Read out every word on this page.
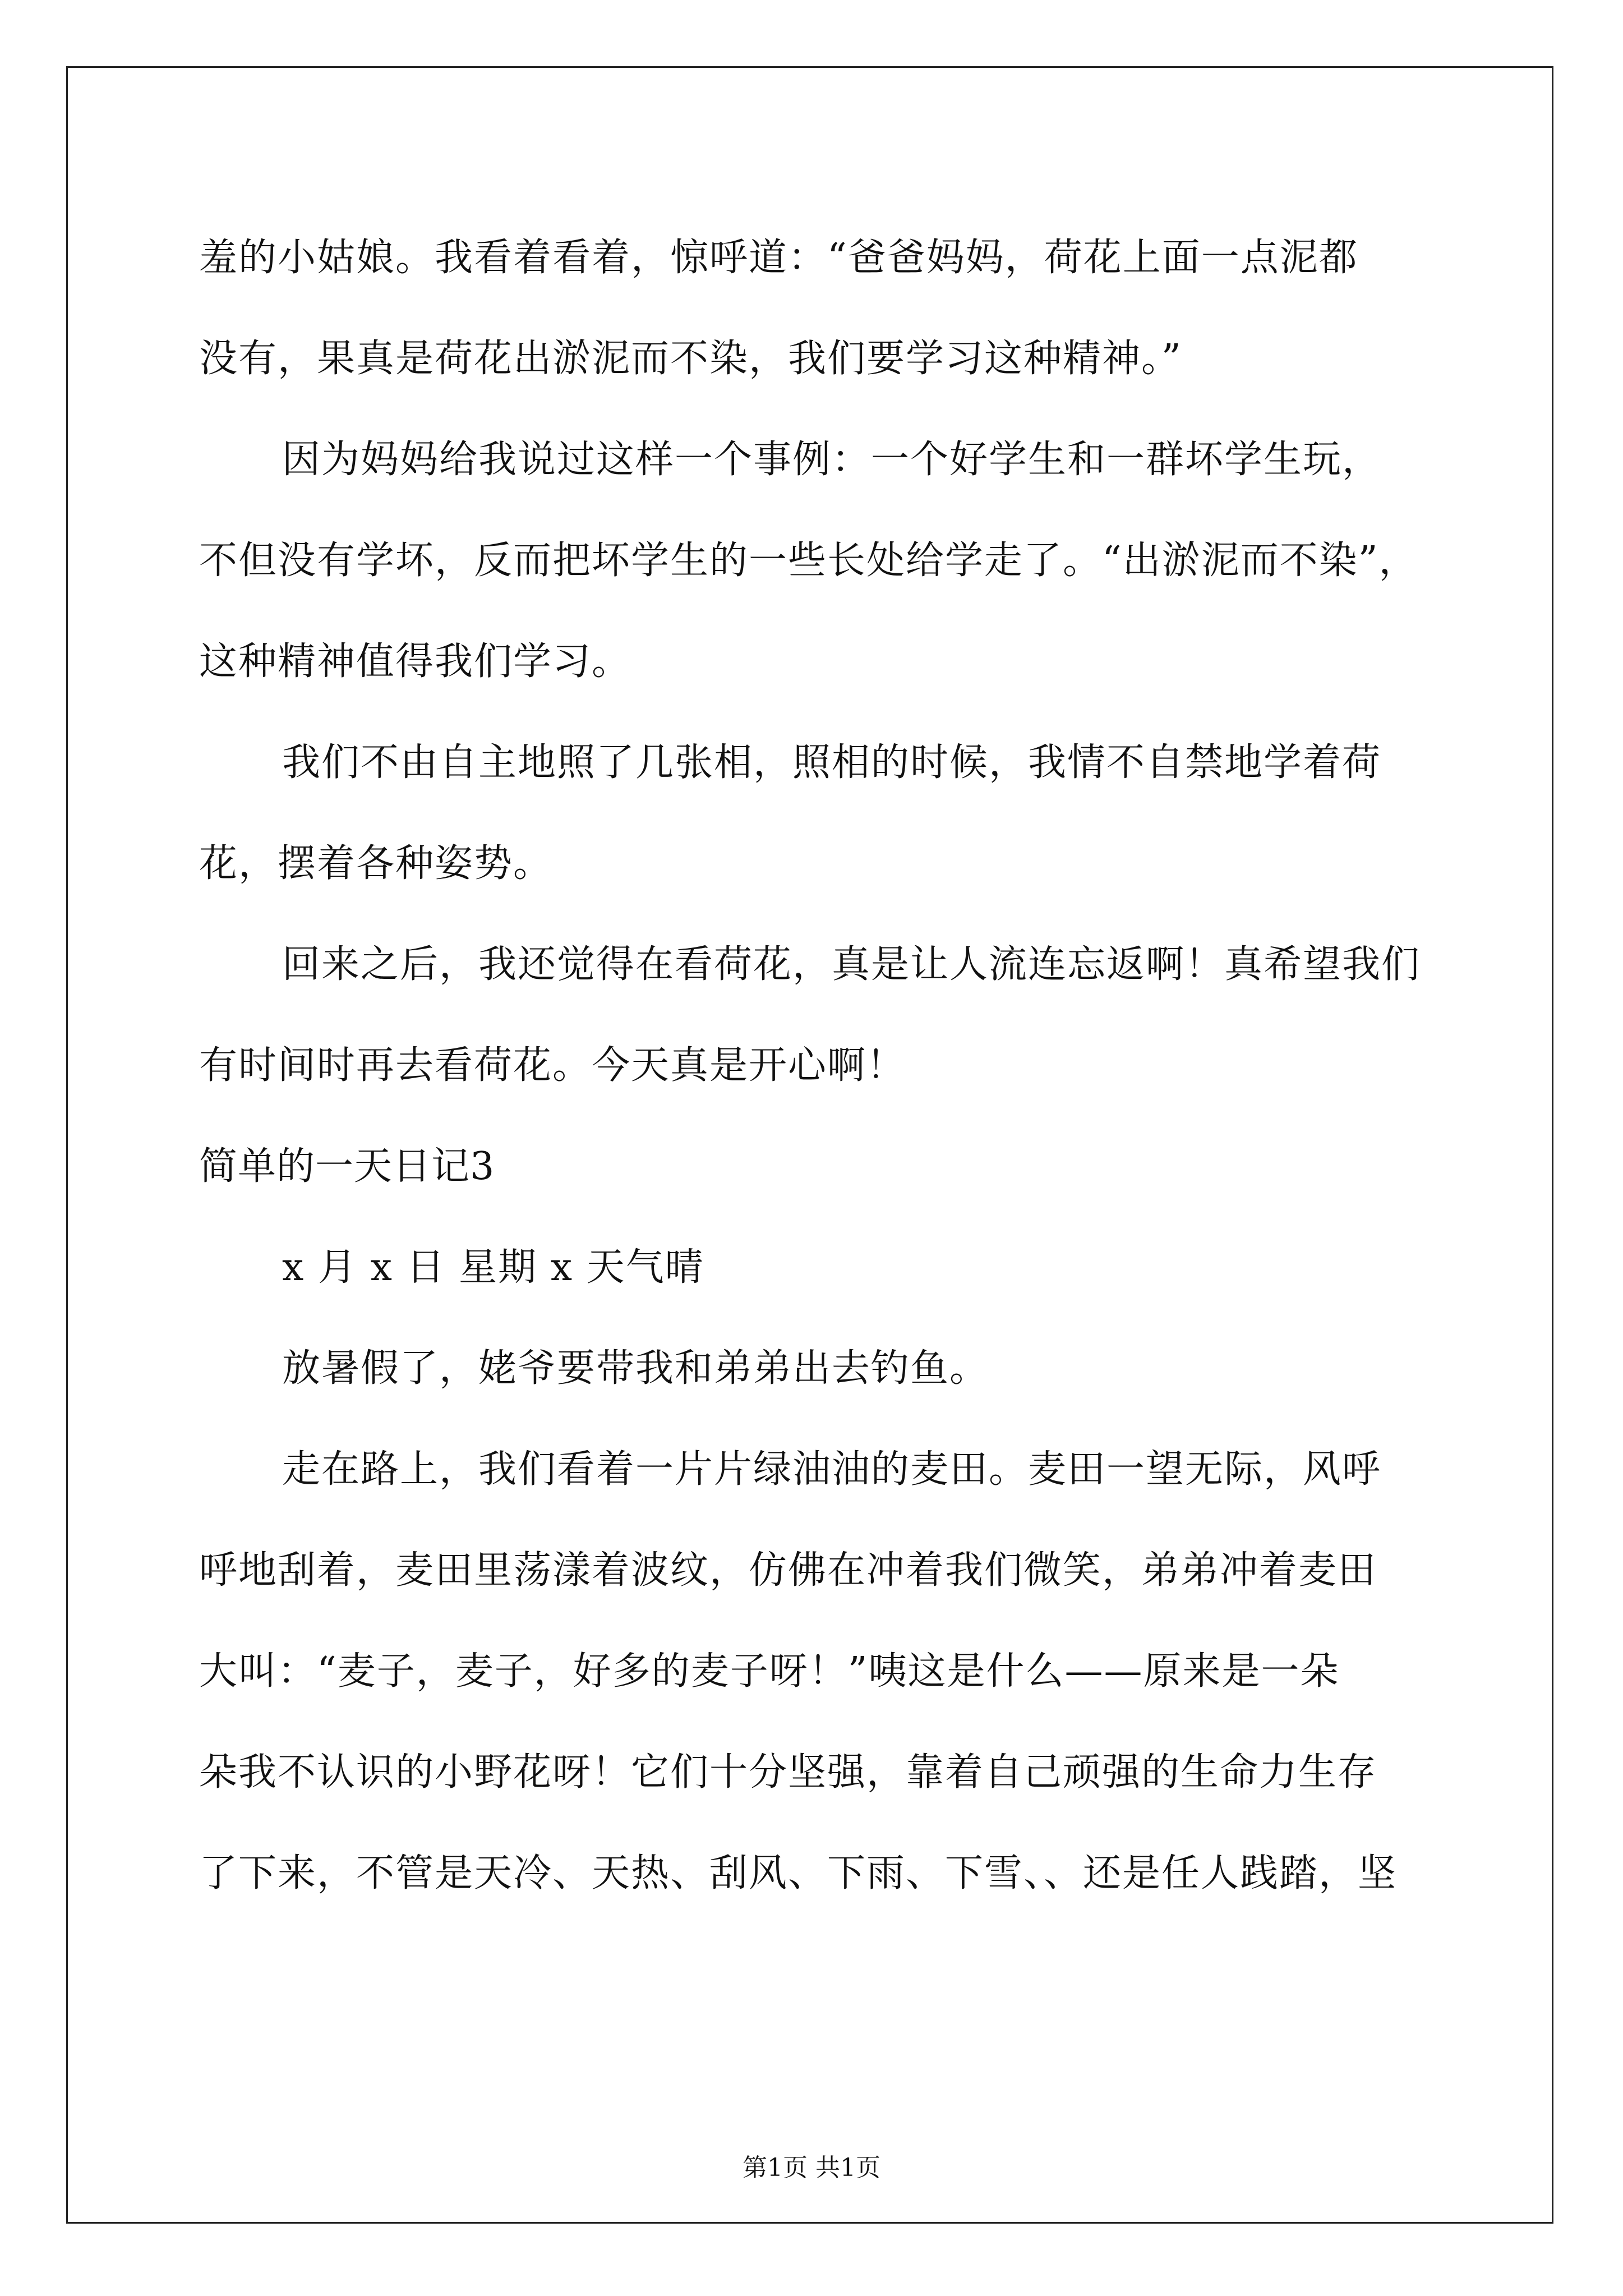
羞的小姑娘。我看着看着，惊呼道：“爸爸妈妈，荷花上面一点泥都
没有，果真是荷花出淤泥而不染，我们要学习这种精神。”
因为妈妈给我说过这样一个事例：一个好学生和一群坏学生玩，
不但没有学坏，反而把坏学生的一些长处给学走了。“出淤泥而不染”，
这种精神值得我们学习。
我们不由自主地照了几张相，照相的时候，我情不自禁地学着荷
花，摆着各种姿势。
回来之后，我还觉得在看荷花，真是让人流连忘返啊！真希望我们
有时间时再去看荷花。今天真是开心啊！
简单的一天日记3
x 月 x 日 星期 x 天气晴
放暑假了，姥爷要带我和弟弟出去钓鱼。
走在路上，我们看着一片片绿油油的麦田。麦田一望无际，风呼
呼地刮着，麦田里荡漾着波纹，仿佛在冲着我们微笑，弟弟冲着麦田
大叫：“麦子，麦子，好多的麦子呀！”咦这是什么——原来是一朵
朵我不认识的小野花呀！它们十分坚强，靠着自己顽强的生命力生存
了下来，不管是天冷、天热、刮风、下雨、下雪、、还是任人践踏，坚
第1页 共1页
